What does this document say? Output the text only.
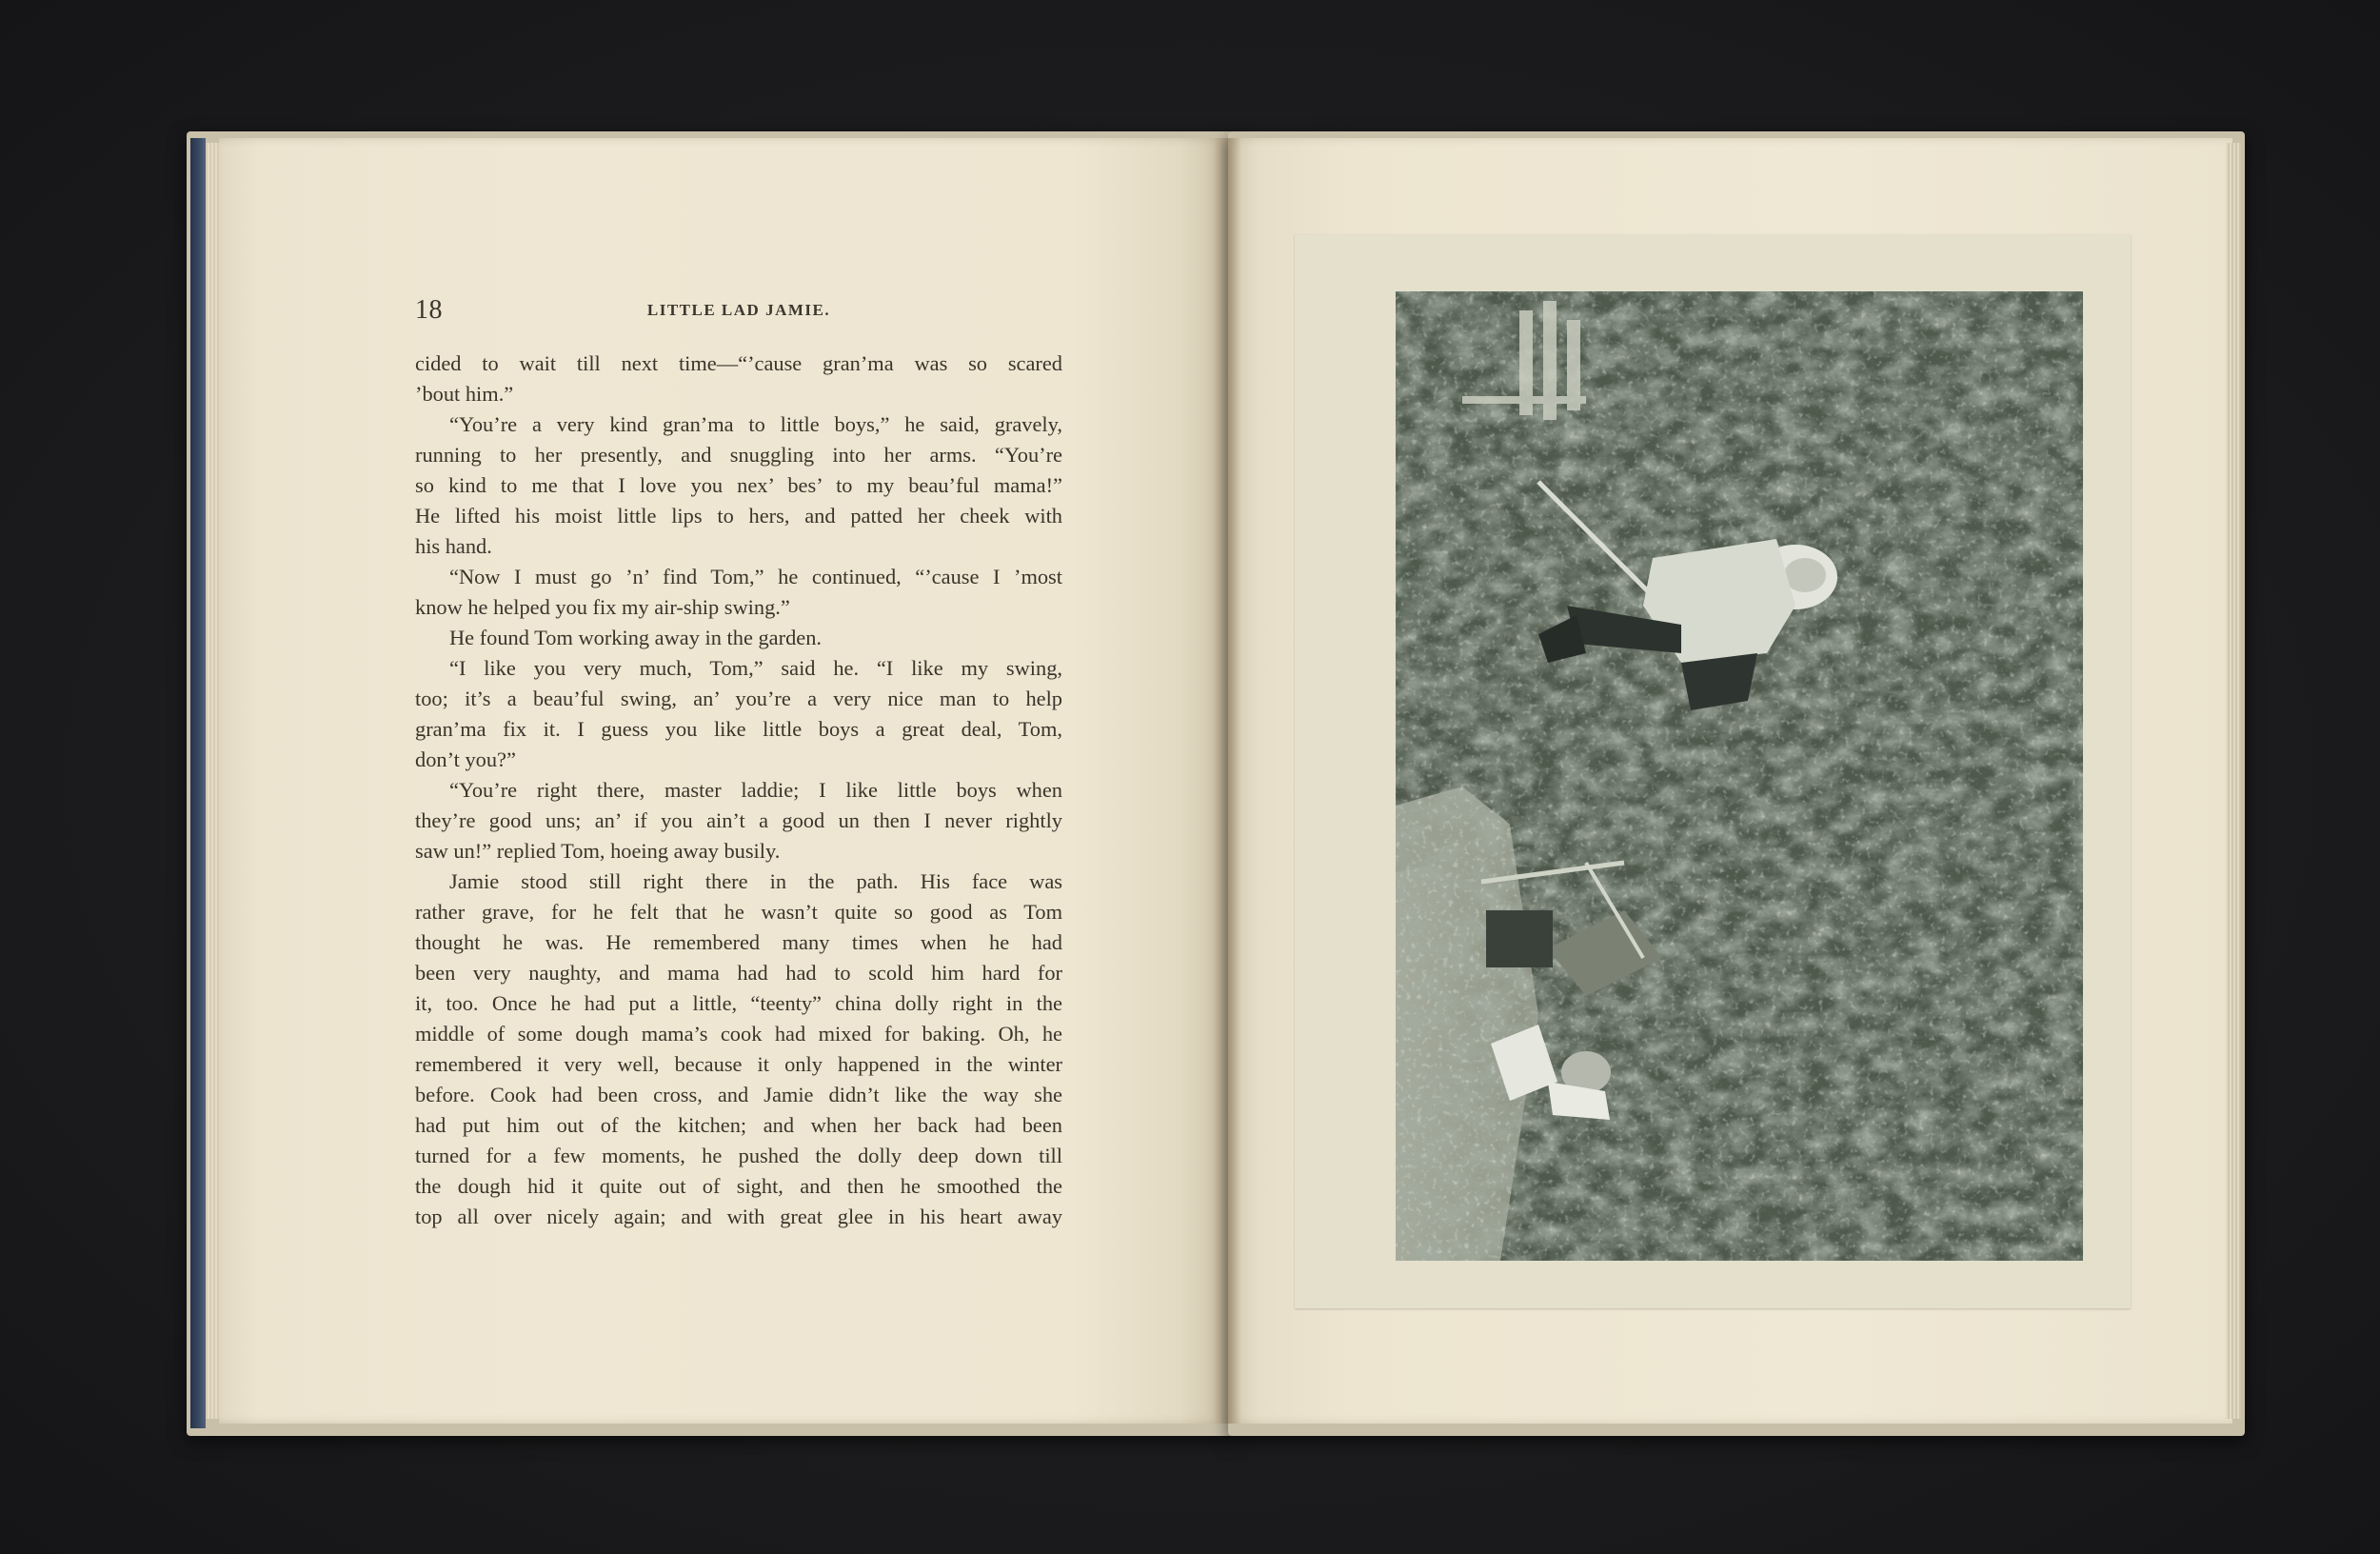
18	LITTLE LAD JAMIE.
cided to wait till next time—“’cause gran’ma was so scared
’bout him.”
“You’re a very kind gran’ma to little boys,” he said, gravely,
running to her presently, and snuggling into her arms. “You’re
so kind to me that I love you nex’ bes’ to my beau’ful mama!”
He lifted his moist little lips to hers, and patted her cheek with
his hand.
“Now I must go ’n’ find Tom,” he continued, “’cause I ’most
know he helped you fix my air-ship swing.”
He found Tom working away in the garden.
“I like you very much, Tom,” said he. “I like my swing,
too; it’s a beau’ful swing, an’ you’re a very nice man to help
gran’ma fix it. I guess you like little boys a great deal, Tom,
don’t you?”
“You’re right there, master laddie; I like little boys when
they’re good uns; an’ if you ain’t a good un then I never rightly
saw un!” replied Tom, hoeing away busily.
Jamie stood still right there in the path. His face was
rather grave, for he felt that he wasn’t quite so good as Tom
thought he was. He remembered many times when he had
been very naughty, and mama had had to scold him hard for
it, too. Once he had put a little, “teenty” china dolly right in the
middle of some dough mama’s cook had mixed for baking. Oh, he
remembered it very well, because it only happened in the winter
before. Cook had been cross, and Jamie didn’t like the way she
had put him out of the kitchen; and when her back had been
turned for a few moments, he pushed the dolly deep down till
the dough hid it quite out of sight, and then he smoothed the
top all over nicely again; and with great glee in his heart away
